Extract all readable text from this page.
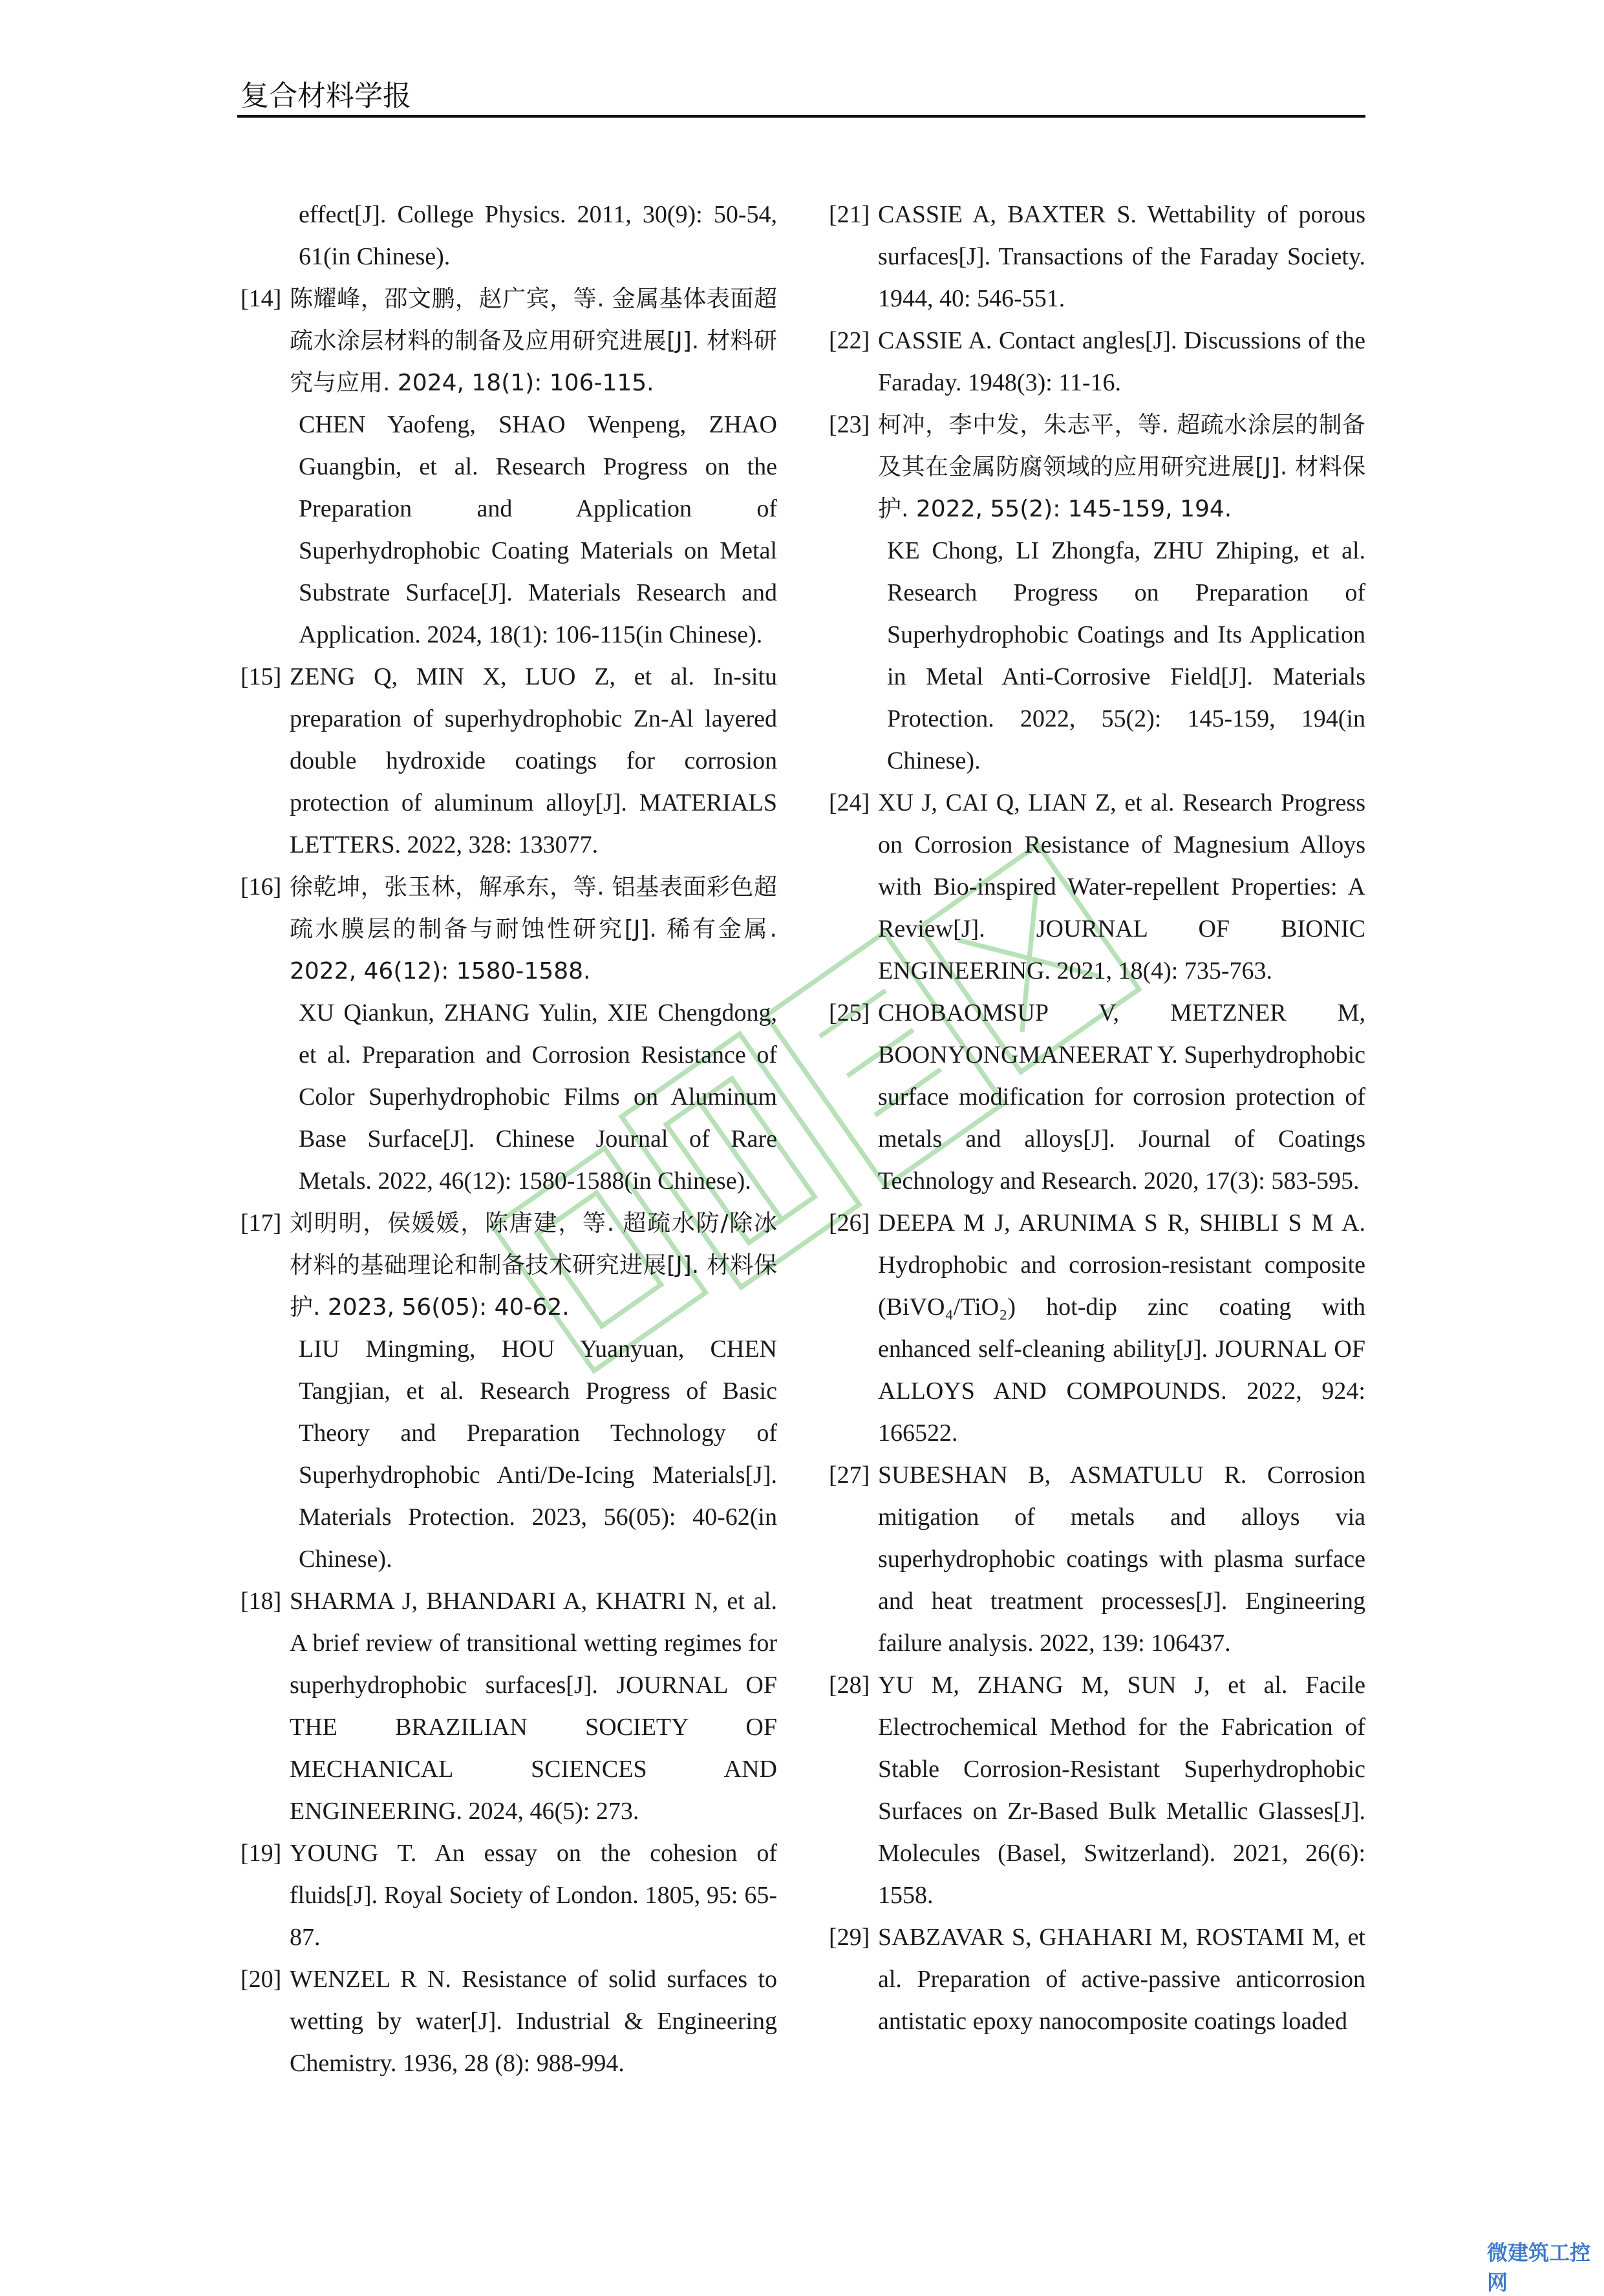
复合材料学报
effect[J]. College Physics. 2011, 30(9): 50-54, 61(in Chinese).
[14] 陈耀峰，邵文鹏，赵广宾，等. 金属基体表面超疏水涂层材料的制备及应用研究进展[J]. 材料研究与应用. 2024, 18(1): 106-115.
CHEN Yaofeng, SHAO Wenpeng, ZHAO Guangbin, et al. Research Progress on the Preparation and Application of Superhydrophobic Coating Materials on Metal Substrate Surface[J]. Materials Research and Application. 2024, 18(1): 106-115(in Chinese).
[15] ZENG Q, MIN X, LUO Z, et al. In-situ preparation of superhydrophobic Zn-Al layered double hydroxide coatings for corrosion protection of aluminum alloy[J]. MATERIALS LETTERS. 2022, 328: 133077.
[16] 徐乾坤，张玉林，解承东，等. 铝基表面彩色超疏水膜层的制备与耐蚀性研究[J]. 稀有金属. 2022, 46(12): 1580-1588.
XU Qiankun, ZHANG Yulin, XIE Chengdong, et al. Preparation and Corrosion Resistance of Color Superhydrophobic Films on Aluminum Base Surface[J]. Chinese Journal of Rare Metals. 2022, 46(12): 1580-1588(in Chinese).
[17] 刘明明，侯媛媛，陈唐建，等. 超疏水防/除冰材料的基础理论和制备技术研究进展[J]. 材料保护. 2023, 56(05): 40-62.
LIU Mingming, HOU Yuanyuan, CHEN Tangjian, et al. Research Progress of Basic Theory and Preparation Technology of Superhydrophobic Anti/De-Icing Materials[J]. Materials Protection. 2023, 56(05): 40-62(in Chinese).
[18] SHARMA J, BHANDARI A, KHATRI N, et al. A brief review of transitional wetting regimes for superhydrophobic surfaces[J]. JOURNAL OF THE BRAZILIAN SOCIETY OF MECHANICAL SCIENCES AND ENGINEERING. 2024, 46(5): 273.
[19] YOUNG T. An essay on the cohesion of fluids[J]. Royal Society of London. 1805, 95: 65-87.
[20] WENZEL R N. Resistance of solid surfaces to wetting by water[J]. Industrial & Engineering Chemistry. 1936, 28 (8): 988-994.
[21] CASSIE A, BAXTER S. Wettability of porous surfaces[J]. Transactions of the Faraday Society. 1944, 40: 546-551.
[22] CASSIE A. Contact angles[J]. Discussions of the Faraday. 1948(3): 11-16.
[23] 柯冲，李中发，朱志平，等. 超疏水涂层的制备及其在金属防腐领域的应用研究进展[J]. 材料保护. 2022, 55(2): 145-159, 194.
KE Chong, LI Zhongfa, ZHU Zhiping, et al. Research Progress on Preparation of Superhydrophobic Coatings and Its Application in Metal Anti-Corrosive Field[J]. Materials Protection. 2022, 55(2): 145-159, 194(in Chinese).
[24] XU J, CAI Q, LIAN Z, et al. Research Progress on Corrosion Resistance of Magnesium Alloys with Bio-inspired Water-repellent Properties: A Review[J]. JOURNAL OF BIONIC ENGINEERING. 2021, 18(4): 735-763.
[25] CHOBAOMSUP V, METZNER M, BOONYONGMANEERAT Y. Superhydrophobic surface modification for corrosion protection of metals and alloys[J]. Journal of Coatings Technology and Research. 2020, 17(3): 583-595.
[26] DEEPA M J, ARUNIMA S R, SHIBLI S M A. Hydrophobic and corrosion-resistant composite (BiVO₄/TiO₂) hot-dip zinc coating with enhanced self-cleaning ability[J]. JOURNAL OF ALLOYS AND COMPOUNDS. 2022, 924: 166522.
[27] SUBESHAN B, ASMATULU R. Corrosion mitigation of metals and alloys via superhydrophobic coatings with plasma surface and heat treatment processes[J]. Engineering failure analysis. 2022, 139: 106437.
[28] YU M, ZHANG M, SUN J, et al. Facile Electrochemical Method for the Fabrication of Stable Corrosion-Resistant Superhydrophobic Surfaces on Zr-Based Bulk Metallic Glasses[J]. Molecules (Basel, Switzerland). 2021, 26(6): 1558.
[29] SABZAVAR S, GHAHARI M, ROSTAMI M, et al. Preparation of active-passive anticorrosion antistatic epoxy nanocomposite coatings loaded
微建筑工控网
